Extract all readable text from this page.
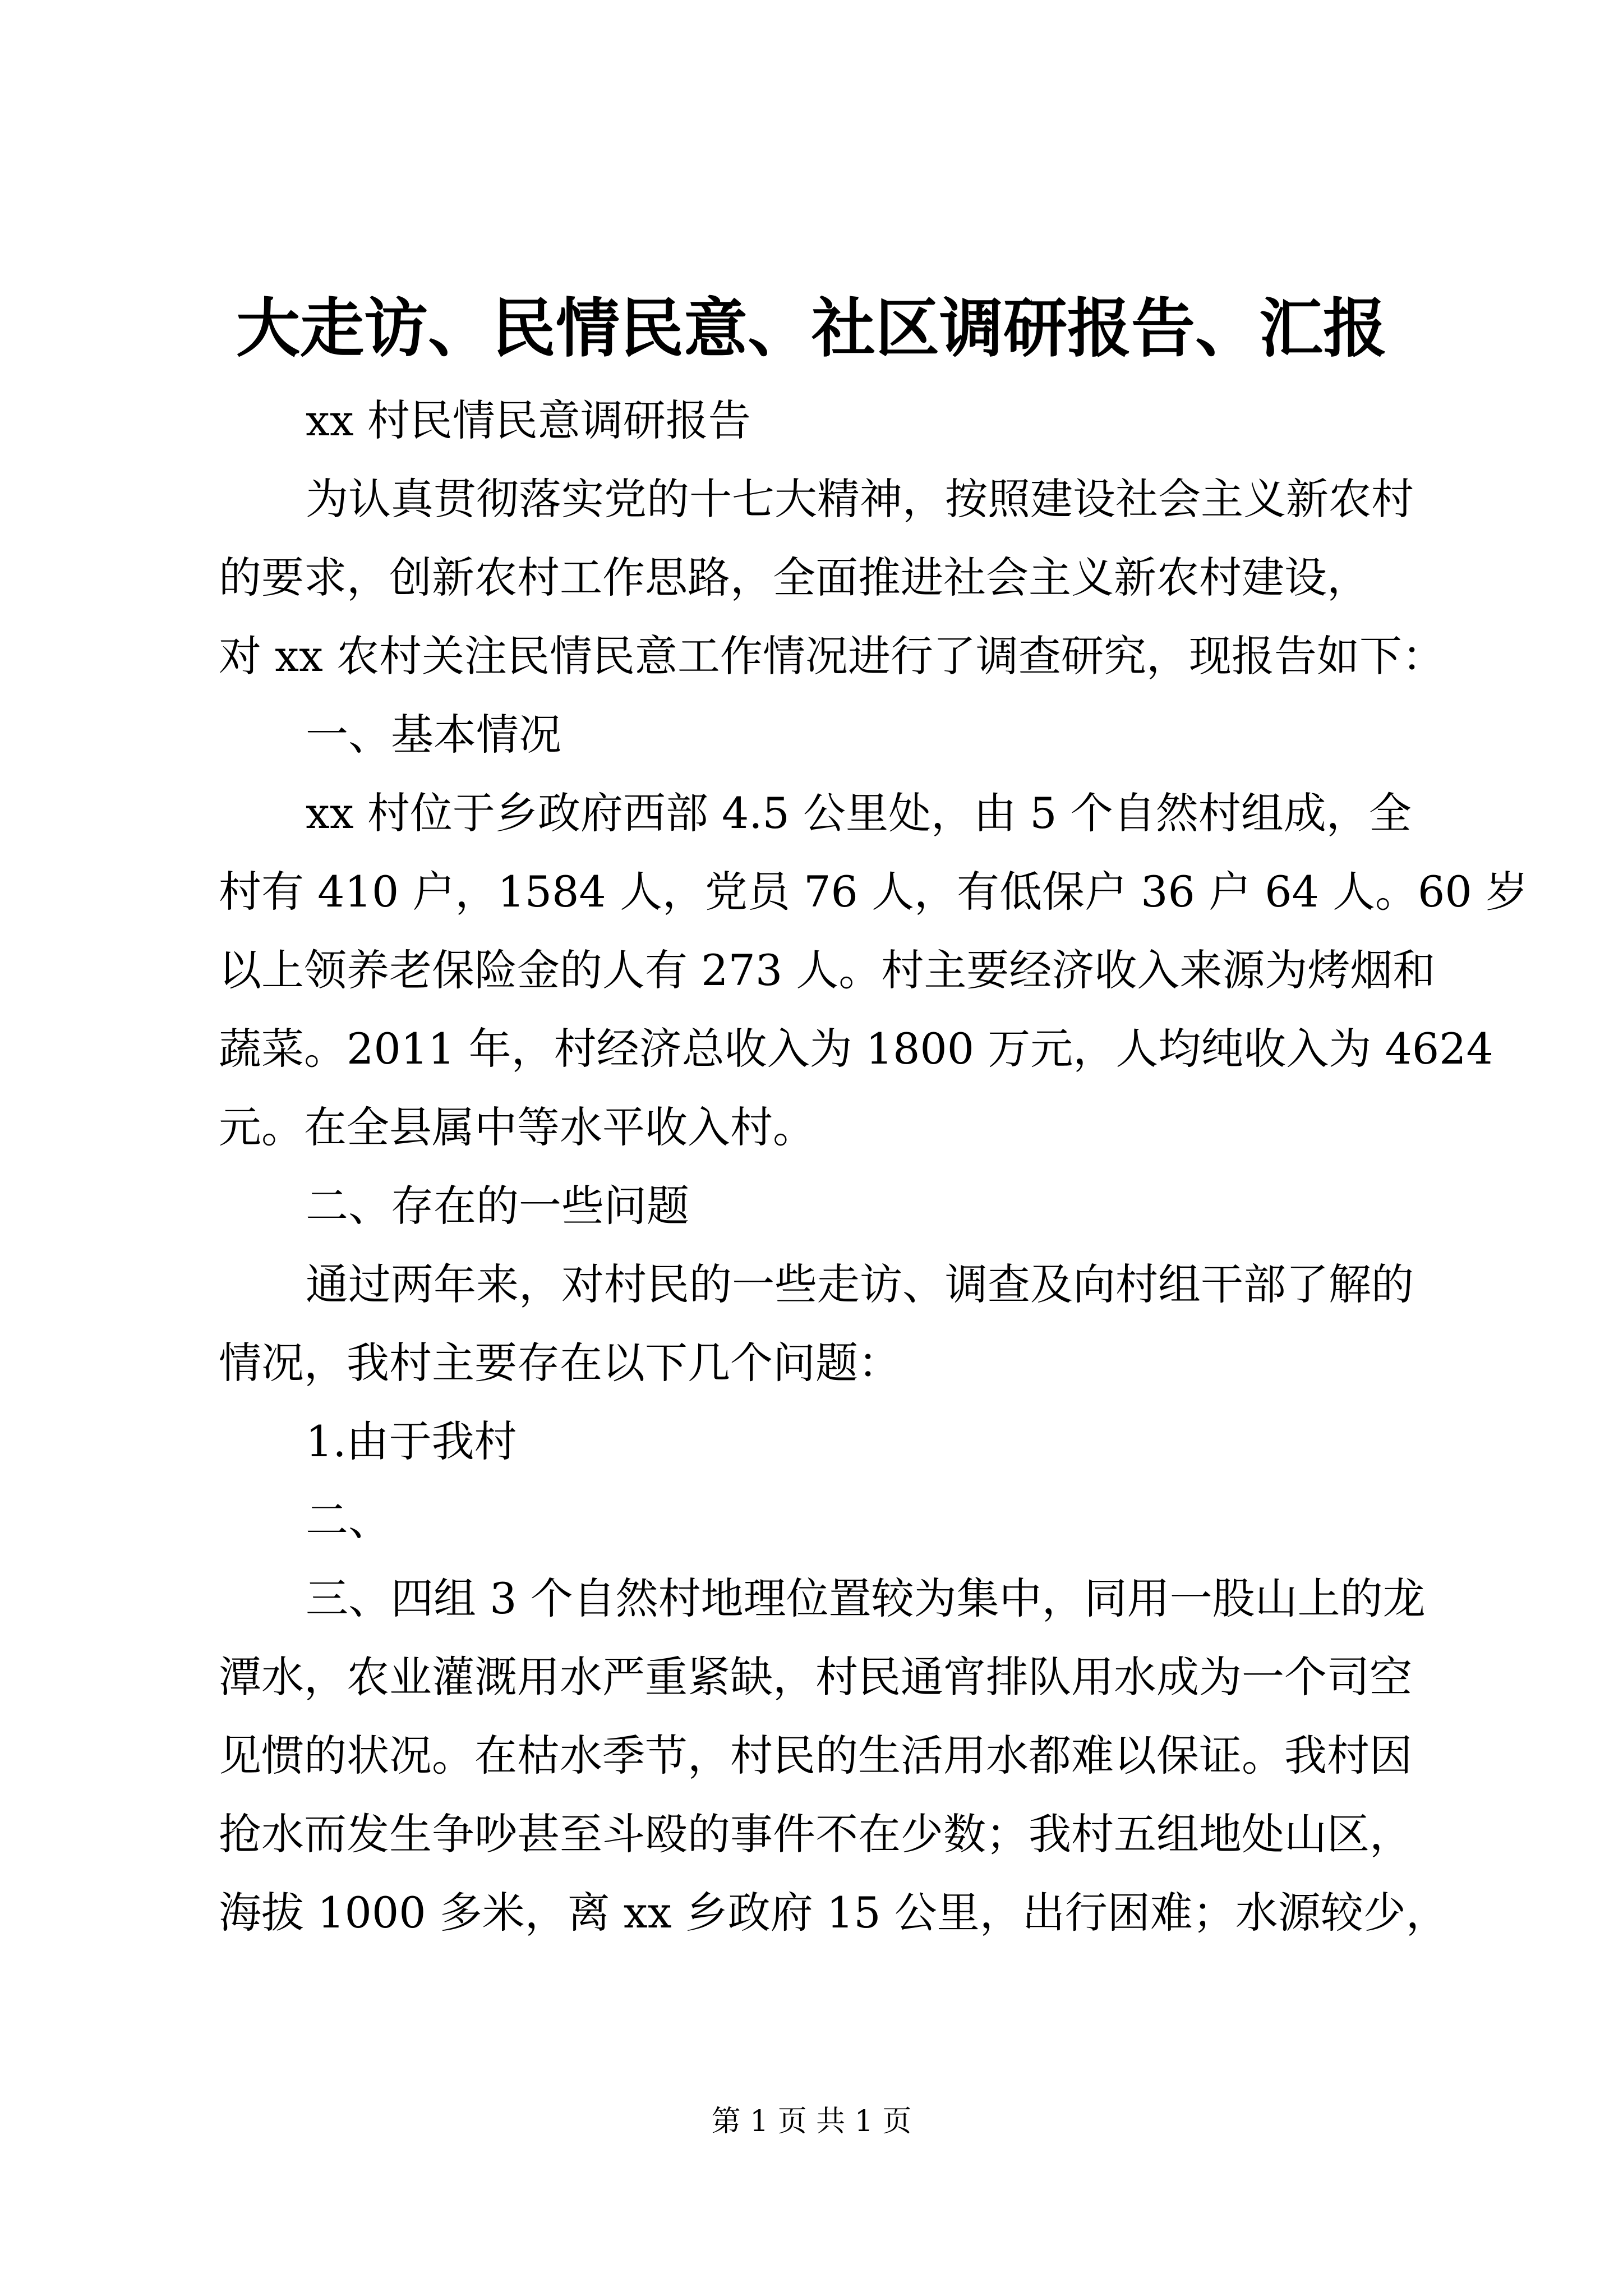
大走访、民情民意、社区调研报告、汇报
xx 村民情民意调研报告
为认真贯彻落实党的十七大精神，按照建设社会主义新农村
的要求，创新农村工作思路，全面推进社会主义新农村建设，
对 xx 农村关注民情民意工作情况进行了调查研究，现报告如下：
一、基本情况
xx 村位于乡政府西部 4.5 公里处，由 5 个自然村组成，全
村有 410 户，1584 人，党员 76 人，有低保户 36 户 64 人。60 岁
以上领养老保险金的人有 273 人。村主要经济收入来源为烤烟和
蔬菜。2011 年，村经济总收入为 1800 万元，人均纯收入为 4624
元。在全县属中等水平收入村。
二、存在的一些问题
通过两年来，对村民的一些走访、调查及向村组干部了解的
情况，我村主要存在以下几个问题：
1.由于我村
二、
三、四组 3 个自然村地理位置较为集中，同用一股山上的龙
潭水，农业灌溉用水严重紧缺，村民通宵排队用水成为一个司空
见惯的状况。在枯水季节，村民的生活用水都难以保证。我村因
抢水而发生争吵甚至斗殴的事件不在少数；我村五组地处山区，
海拔 1000 多米，离 xx 乡政府 15 公里，出行困难；水源较少，
第 1 页 共 1 页
